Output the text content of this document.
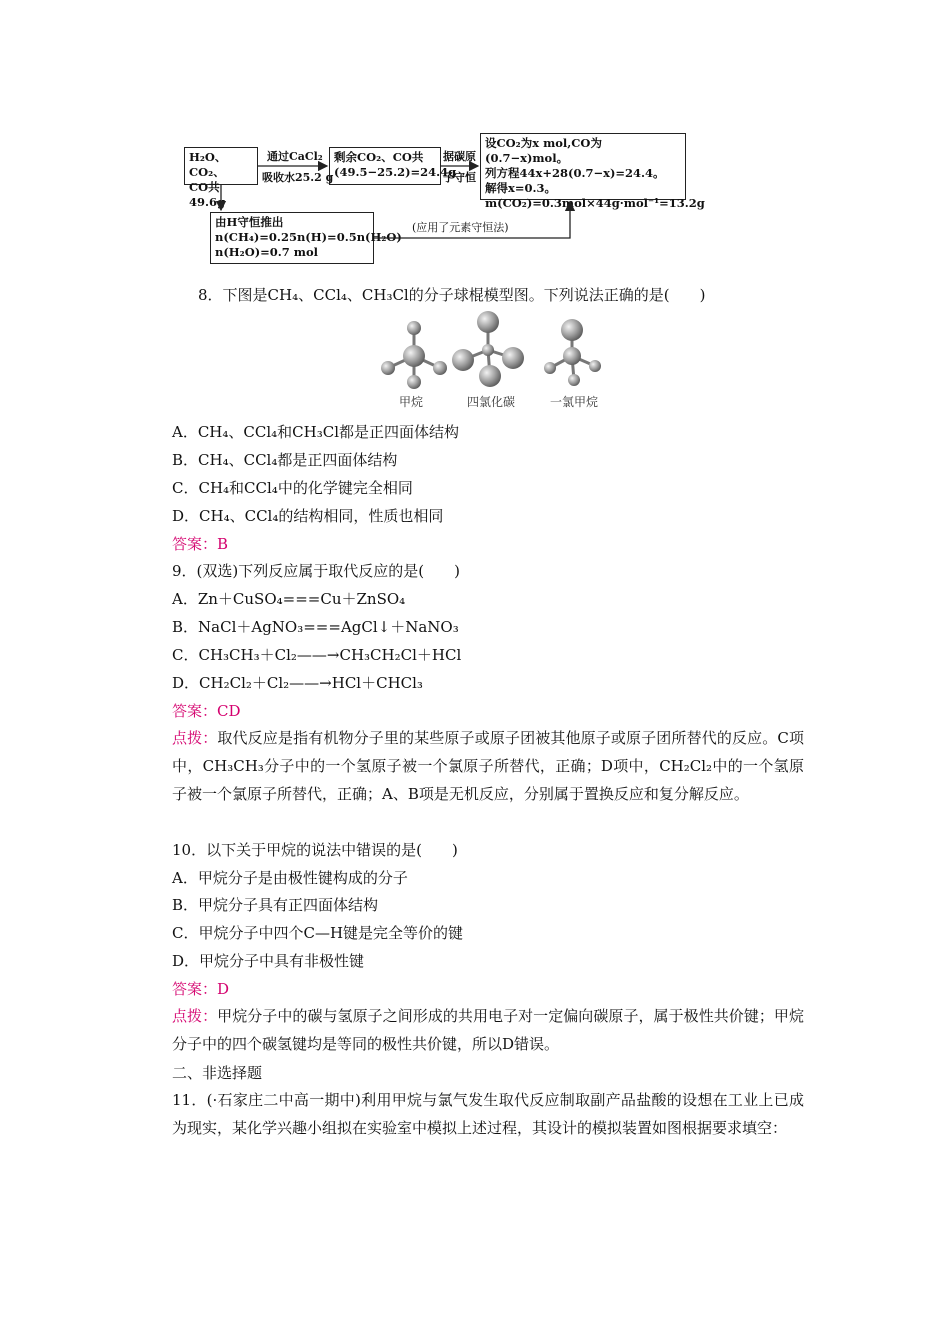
H₂O、CO₂、
CO共49.6g
通过CaCl₂
吸收水25.2 g
剩余CO₂、CO共
(49.5−25.2)=24.4g
据碳原
子守恒
设CO₂为x mol,CO为(0.7−x)mol。
列方程44x+28(0.7−x)=24.4。
解得x=0.3。
m(CO₂)=0.3mol×44g·mol⁻¹=13.2g
由H守恒推出
n(CH₄)=0.25n(H)=0.5n(H₂O)
n(H₂O)=0.7 mol
(应用了元素守恒法)
8．下图是CH₄、CCl₄、CH₃Cl的分子球棍模型图。下列说法正确的是(　　)
甲烷	四氯化碳	一氯甲烷
A．CH₄、CCl₄和CH₃Cl都是正四面体结构
B．CH₄、CCl₄都是正四面体结构
C．CH₄和CCl₄中的化学键完全相同
D．CH₄、CCl₄的结构相同，性质也相同
答案：B
9．(双选)下列反应属于取代反应的是(　　)
A．Zn＋CuSO₄===Cu＋ZnSO₄
B．NaCl＋AgNO₃===AgCl↓＋NaNO₃
C．CH₃CH₃＋Cl₂——→CH₃CH₂Cl＋HCl
D．CH₂Cl₂＋Cl₂——→HCl＋CHCl₃
答案：CD
点拨：取代反应是指有机物分子里的某些原子或原子团被其他原子或原子团所替代的反应。C项中，CH₃CH₃分子中的一个氢原子被一个氯原子所替代，正确；D项中，CH₂Cl₂中的一个氢原子被一个氯原子所替代，正确；A、B项是无机反应，分别属于置换反应和复分解反应。
10．以下关于甲烷的说法中错误的是(　　)
A．甲烷分子是由极性键构成的分子
B．甲烷分子具有正四面体结构
C．甲烷分子中四个C—H键是完全等价的键
D．甲烷分子中具有非极性键
答案：D
点拨：甲烷分子中的碳与氢原子之间形成的共用电子对一定偏向碳原子，属于极性共价键；甲烷分子中的四个碳氢键均是等同的极性共价键，所以D错误。
二、非选择题
11．(·石家庄二中高一期中)利用甲烷与氯气发生取代反应制取副产品盐酸的设想在工业上已成为现实，某化学兴趣小组拟在实验室中模拟上述过程，其设计的模拟装置如图根据要求填空：
